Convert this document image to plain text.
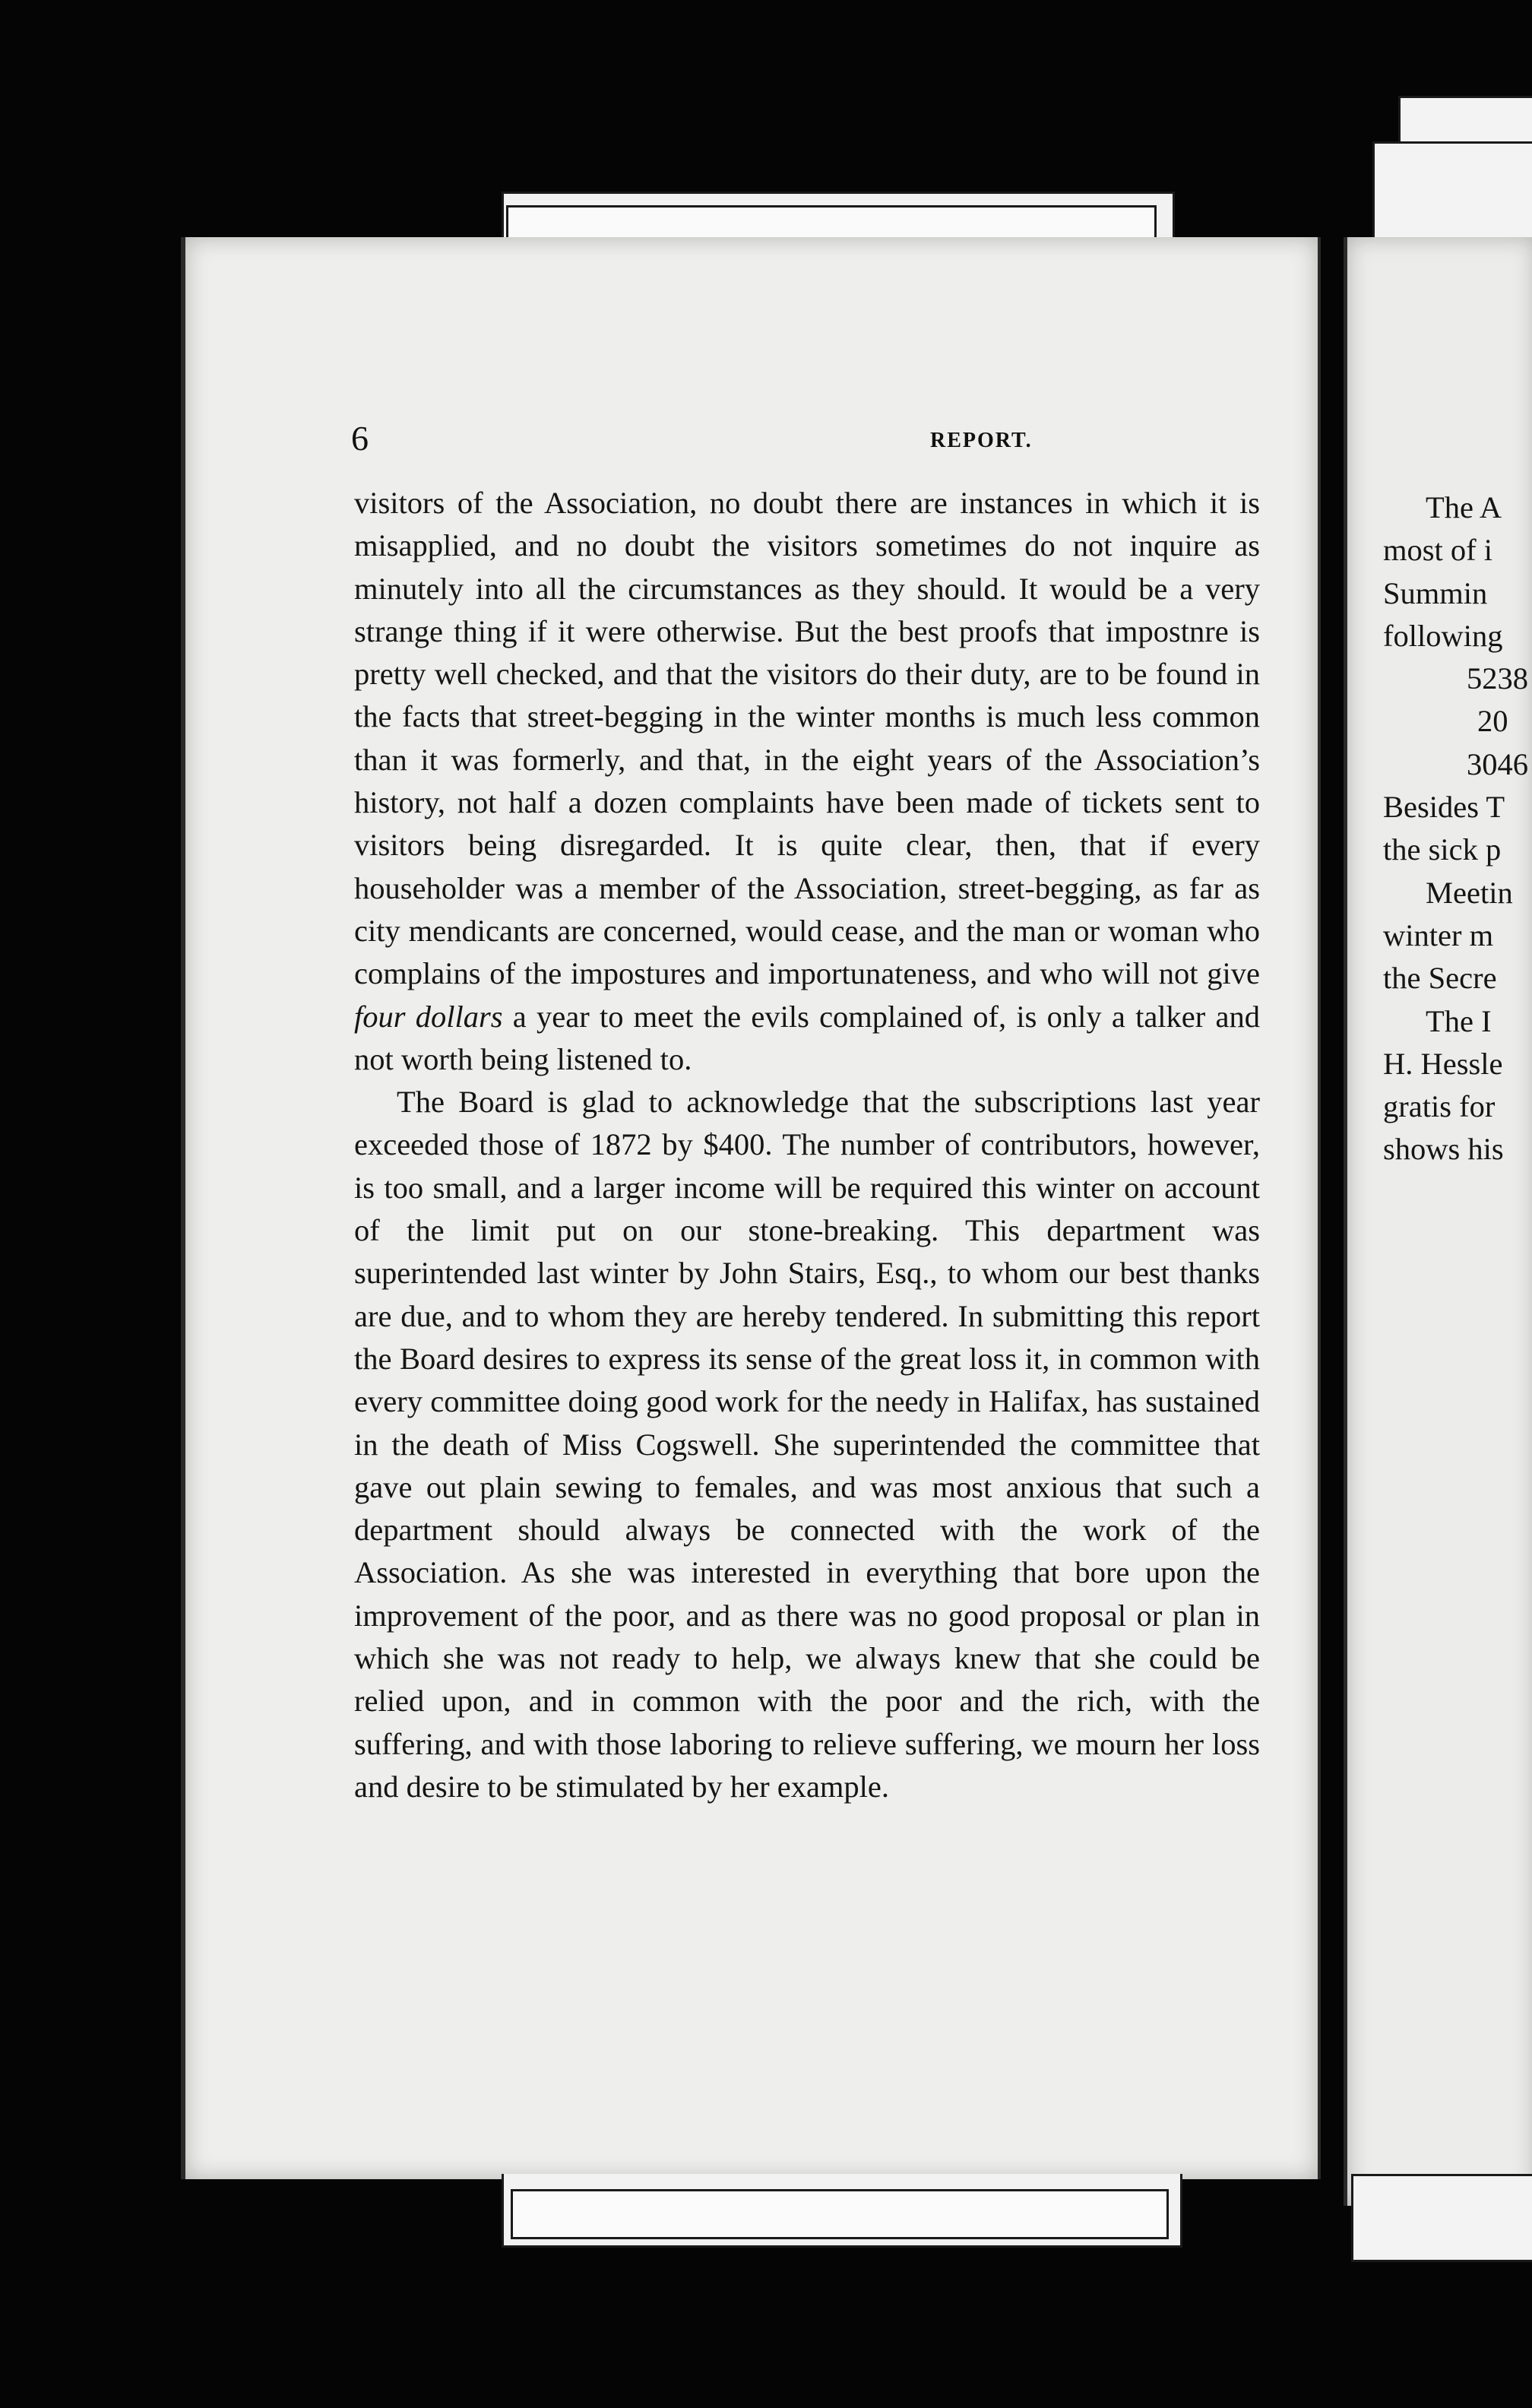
6	REPORT.

visitors of the Association, no doubt there are instances in which it is misapplied, and no doubt the visitors sometimes do not inquire as minutely into all the circumstances as they should. It would be a very strange thing if it were otherwise. But the best proofs that impostnre is pretty well checked, and that the visitors do their duty, are to be found in the facts that street-begging in the winter months is much less common than it was formerly, and that, in the eight years of the Association’s history, not half a dozen complaints have been made of tickets sent to visitors being disregarded. It is quite clear, then, that if every householder was a member of the Association, street-begging, as far as city mendicants are concerned, would cease, and the man or woman who complains of the impostures and importunateness, and who will not give four dollars a year to meet the evils complained of, is only a talker and not worth being listened to.

The Board is glad to acknowledge that the subscriptions last year exceeded those of 1872 by $400. The number of contributors, however, is too small, and a larger income will be required this winter on account of the limit put on our stone-breaking. This department was superintended last winter by John Stairs, Esq., to whom our best thanks are due, and to whom they are hereby tendered. In submitting this report the Board desires to express its sense of the great loss it, in common with every committee doing good work for the needy in Halifax, has sustained in the death of Miss Cogswell. She superintended the committee that gave out plain sewing to females, and was most anxious that such a department should always be connected with the work of the Association. As she was interested in everything that bore upon the improvement of the poor, and as there was no good proposal or plan in which she was not ready to help, we always knew that she could be relied upon, and in common with the poor and the rich, with the suffering, and with those laboring to relieve suffering, we mourn her loss and desire to be stimulated by her example.

The A
most of i
Summin
following
5238
20
3046
Besides T
the sick p
Meetin
winter m
the Secre
The I
H. Hessle
gratis for
shows his
